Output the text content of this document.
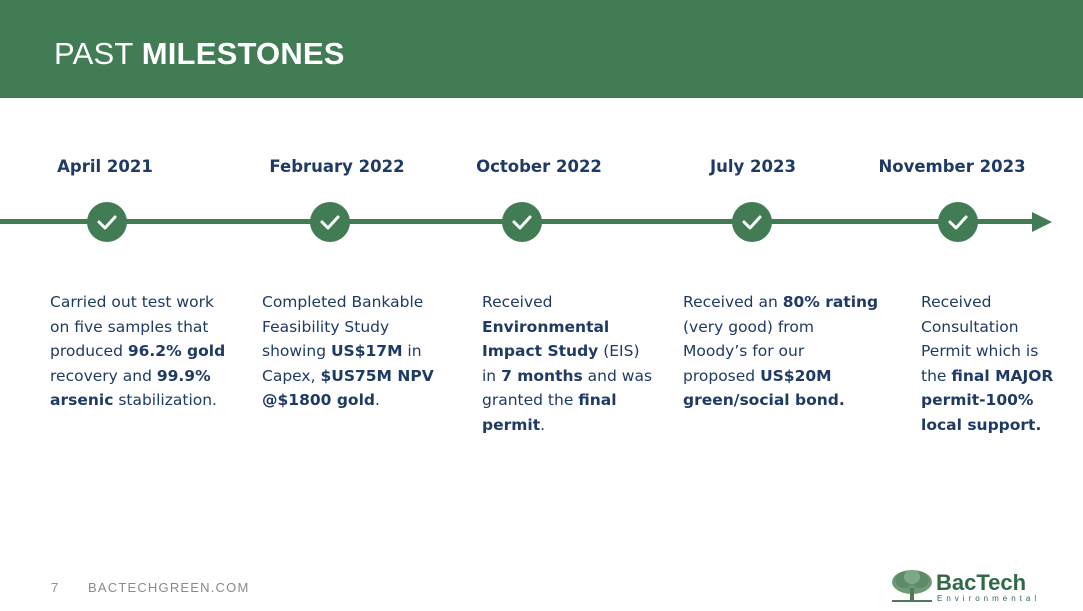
PAST MILESTONES
April 2021
Carried out test work
on five samples that
produced 96.2% gold
recovery and 99.9%
arsenic stabilization.
February 2022
Completed Bankable
Feasibility Study
showing US$17M in
Capex, $US75M NPV
@$1800 gold.
October 2022
Received
Environmental
Impact Study (EIS)
in 7 months and was
granted the final
permit.
July 2023
Received an 80% rating
(very good) from
Moody’s for our
proposed US$20M
green/social bond.
November 2023
Received
Consultation
Permit which is
the final MAJOR
permit-100%
local support.
7 BACTECHGREEN.COM	BacTech
Environmental
